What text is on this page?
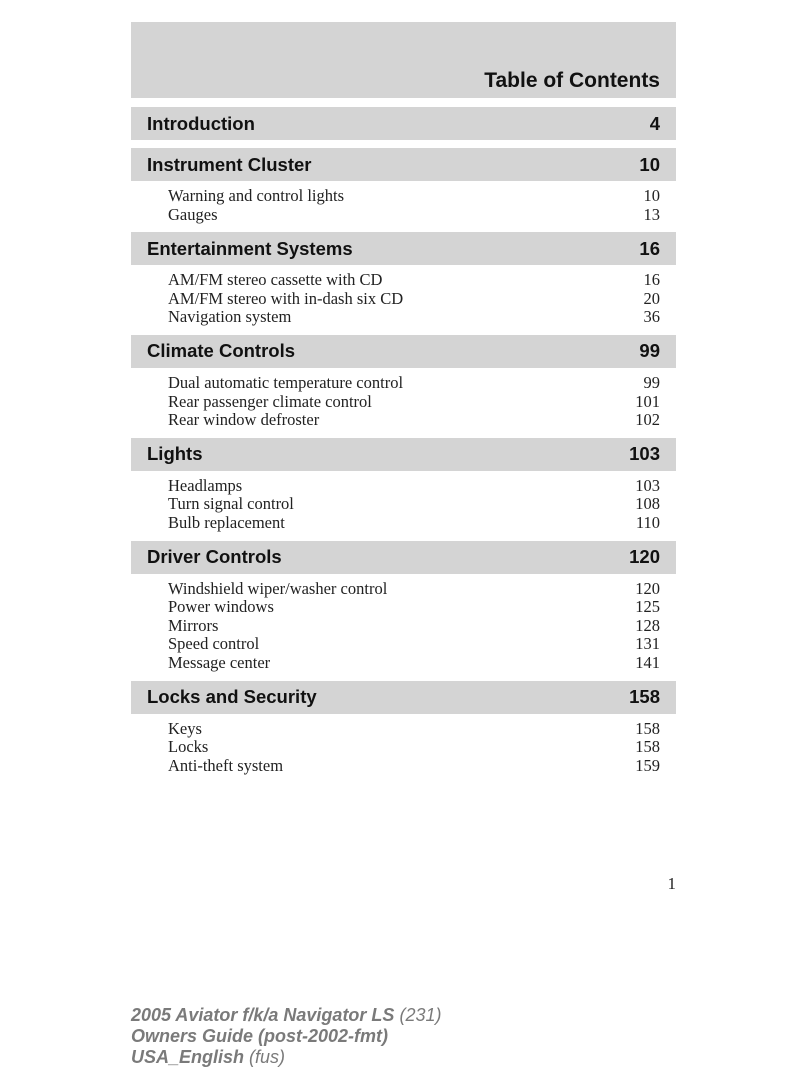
Table of Contents
Introduction	4
Instrument Cluster	10
Warning and control lights	10
Gauges	13
Entertainment Systems	16
AM/FM stereo cassette with CD	16
AM/FM stereo with in-dash six CD	20
Navigation system	36
Climate Controls	99
Dual automatic temperature control	99
Rear passenger climate control	101
Rear window defroster	102
Lights	103
Headlamps	103
Turn signal control	108
Bulb replacement	110
Driver Controls	120
Windshield wiper/washer control	120
Power windows	125
Mirrors	128
Speed control	131
Message center	141
Locks and Security	158
Keys	158
Locks	158
Anti-theft system	159
1
2005 Aviator f/k/a Navigator LS (231)
Owners Guide (post-2002-fmt)
USA_English (fus)
